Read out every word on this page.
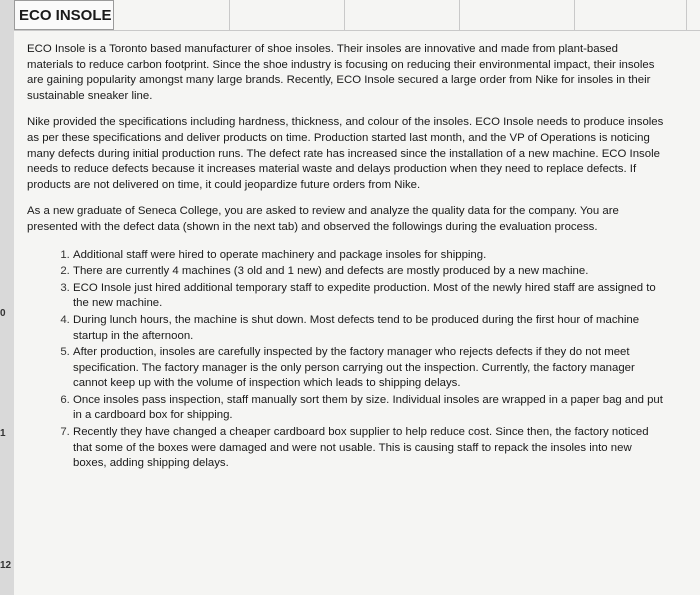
0
1
12
ECO INSOLE

ECO Insole is a Toronto based manufacturer of shoe insoles. Their insoles are innovative and made from plant-based materials to reduce carbon footprint. Since the shoe industry is focusing on reducing their environmental impact, their insoles are gaining popularity amongst many large brands. Recently, ECO Insole secured a large order from Nike for insoles in their sustainable sneaker line.

Nike provided the specifications including hardness, thickness, and colour of the insoles. ECO Insole needs to produce insoles as per these specifications and deliver products on time. Production started last month, and the VP of Operations is noticing many defects during initial production runs. The defect rate has increased since the installation of a new machine. ECO Insole needs to reduce defects because it increases material waste and delays production when they need to replace defects. If products are not delivered on time, it could jeopardize future orders from Nike.

As a new graduate of Seneca College, you are asked to review and analyze the quality data for the company. You are presented with the defect data (shown in the next tab) and observed the followings during the evaluation process.

1. Additional staff were hired to operate machinery and package insoles for shipping.
2. There are currently 4 machines (3 old and 1 new) and defects are mostly produced by a new machine.
3. ECO Insole just hired additional temporary staff to expedite production. Most of the newly hired staff are assigned to the new machine.
4. During lunch hours, the machine is shut down. Most defects tend to be produced during the first hour of machine startup in the afternoon.
5. After production, insoles are carefully inspected by the factory manager who rejects defects if they do not meet specification. The factory manager is the only person carrying out the inspection. Currently, the factory manager cannot keep up with the volume of inspection which leads to shipping delays.
6. Once insoles pass inspection, staff manually sort them by size. Individual insoles are wrapped in a paper bag and put in a cardboard box for shipping.
7. Recently they have changed a cheaper cardboard box supplier to help reduce cost. Since then, the factory noticed that some of the boxes were damaged and were not usable. This is causing staff to repack the insoles into new boxes, adding shipping delays.
